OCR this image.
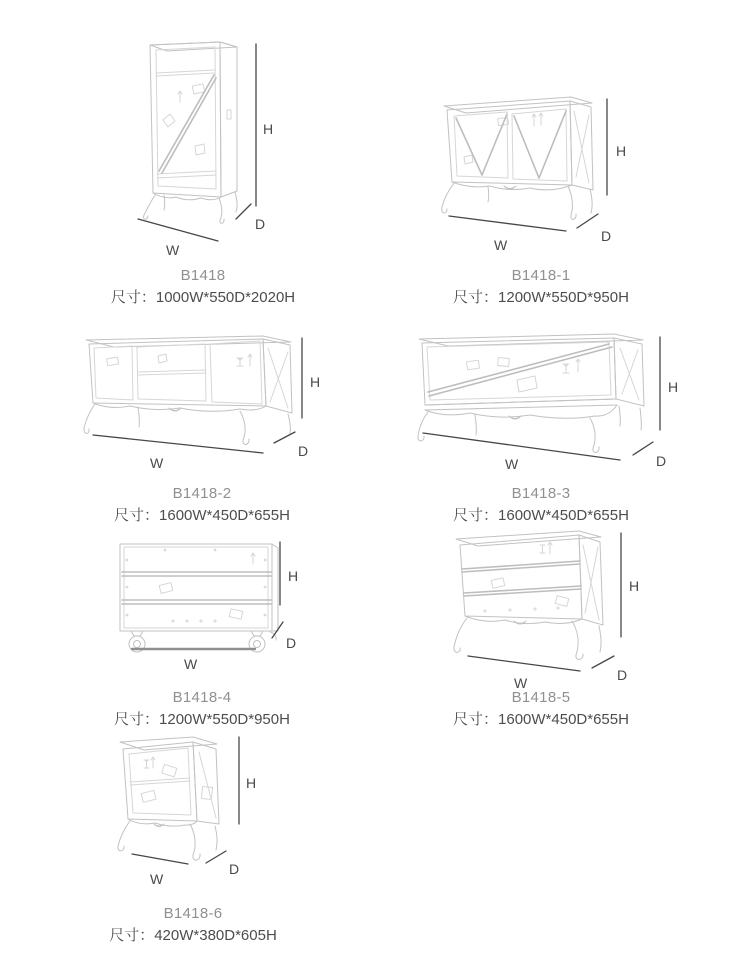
H
D
W
B1418
尺寸：1000W*550D*2020H
H
D
W
B1418-1
尺寸：1200W*550D*950H
H
D
W
B1418-2
尺寸：1600W*450D*655H
H
D
W
B1418-3
尺寸：1600W*450D*655H
H
D
W
B1418-4
尺寸：1200W*550D*950H
H
D
W
B1418-5
尺寸：1600W*450D*655H
H
D
W
B1418-6
尺寸：420W*380D*605H
